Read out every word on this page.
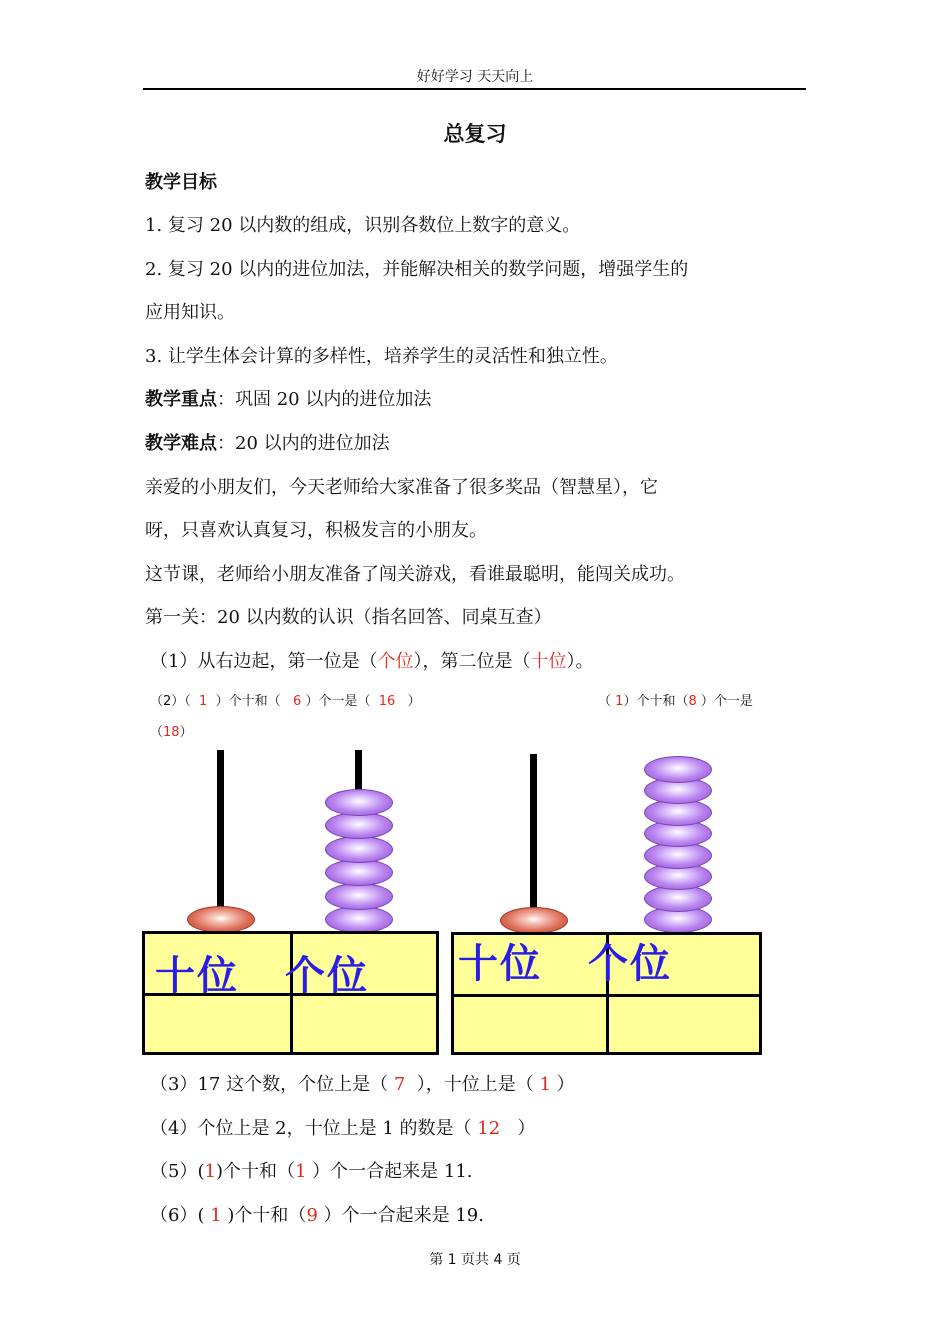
好好学习 天天向上
总复习
教学目标
1. 复习 20 以内数的组成，识别各数位上数字的意义。
2. 复习 20 以内的进位加法，并能解决相关的数学问题，增强学生的
应用知识。
3. 让学生体会计算的多样性，培养学生的灵活性和独立性。
教学重点：巩固 20 以内的进位加法
教学难点：20 以内的进位加法
亲爱的小朋友们，今天老师给大家准备了很多奖品（智慧星），它
呀，只喜欢认真复习，积极发言的小朋友。
这节课，老师给小朋友准备了闯关游戏，看谁最聪明，能闯关成功。
第一关：20 以内数的认识（指名回答、同桌互查）
（1）从右边起，第一位是（个位），第二位是（十位）。
（2）（ 1 ）个十和（ 6 ）个一是（ 16 ）	（ 1）个十和（8 ）个一是
（18）
十位 个位 十位 个位
（3）17 这个数，个位上是（ 7 ），十位上是（ 1 ）
（4）个位上是 2，十位上是 1 的数是（ 12 ）
（5）(1)个十和（1 ）个一合起来是 11.
（6）( 1 )个十和（9 ）个一合起来是 19.
第 1 页共 4 页
